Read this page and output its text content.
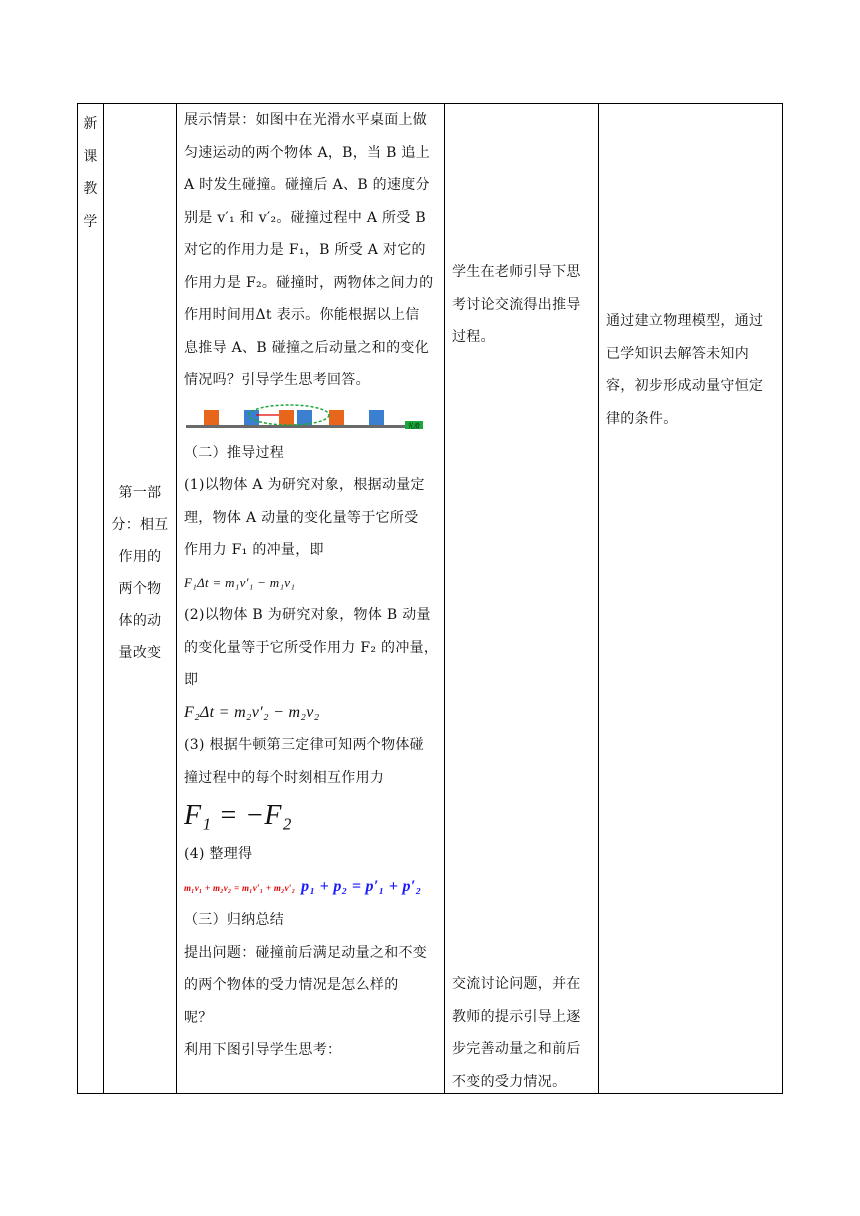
新
课
教
学
第一部
分：相互
作用的
两个物
体的动
量改变

展示情景：如图中在光滑水平桌面上做

匀速运动的两个物体 A，B，当 B 追上

A 时发生碰撞。碰撞后 A、B 的速度分

别是 v′₁ 和 v′₂。碰撞过程中 A 所受 B

对它的作用力是 F₁，B 所受 A 对它的

作用力是 F₂。碰撞时，两物体之间力的

作用时间用Δt 表示。你能根据以上信

息推导 A、B 碰撞之后动量之和的变化

情况吗？引导学生思考回答。

光滑

（二）推导过程

(1)以物体 A 为研究对象，根据动量定

理，物体 A 动量的变化量等于它所受

作用力 F₁ 的冲量，即

F₁Δt = m₁v′₁ − m₁v₁

(2)以物体 B 为研究对象，物体 B 动量

的变化量等于它所受作用力 F₂ 的冲量，

即

F₂Δt = m₂v′₂ − m₂v₂

(3) 根据牛顿第三定律可知两个物体碰

撞过程中的每个时刻相互作用力

F₁ = −F₂

(4) 整理得

m₁v₁ + m₂v₂ = m₁v′₁ + m₂v′₂ p₁ + p₂ = p′₁ + p′₂

（三）归纳总结

提出问题：碰撞前后满足动量之和不变

的两个物体的受力情况是怎么样的

呢？

利用下图引导学生思考：

学生在老师引导下思
考讨论交流得出推导
过程。
交流讨论问题，并在
教师的提示引导上逐
步完善动量之和前后
不变的受力情况。
通过建立物理模型，通过
已学知识去解答未知内
容，初步形成动量守恒定
律的条件。
